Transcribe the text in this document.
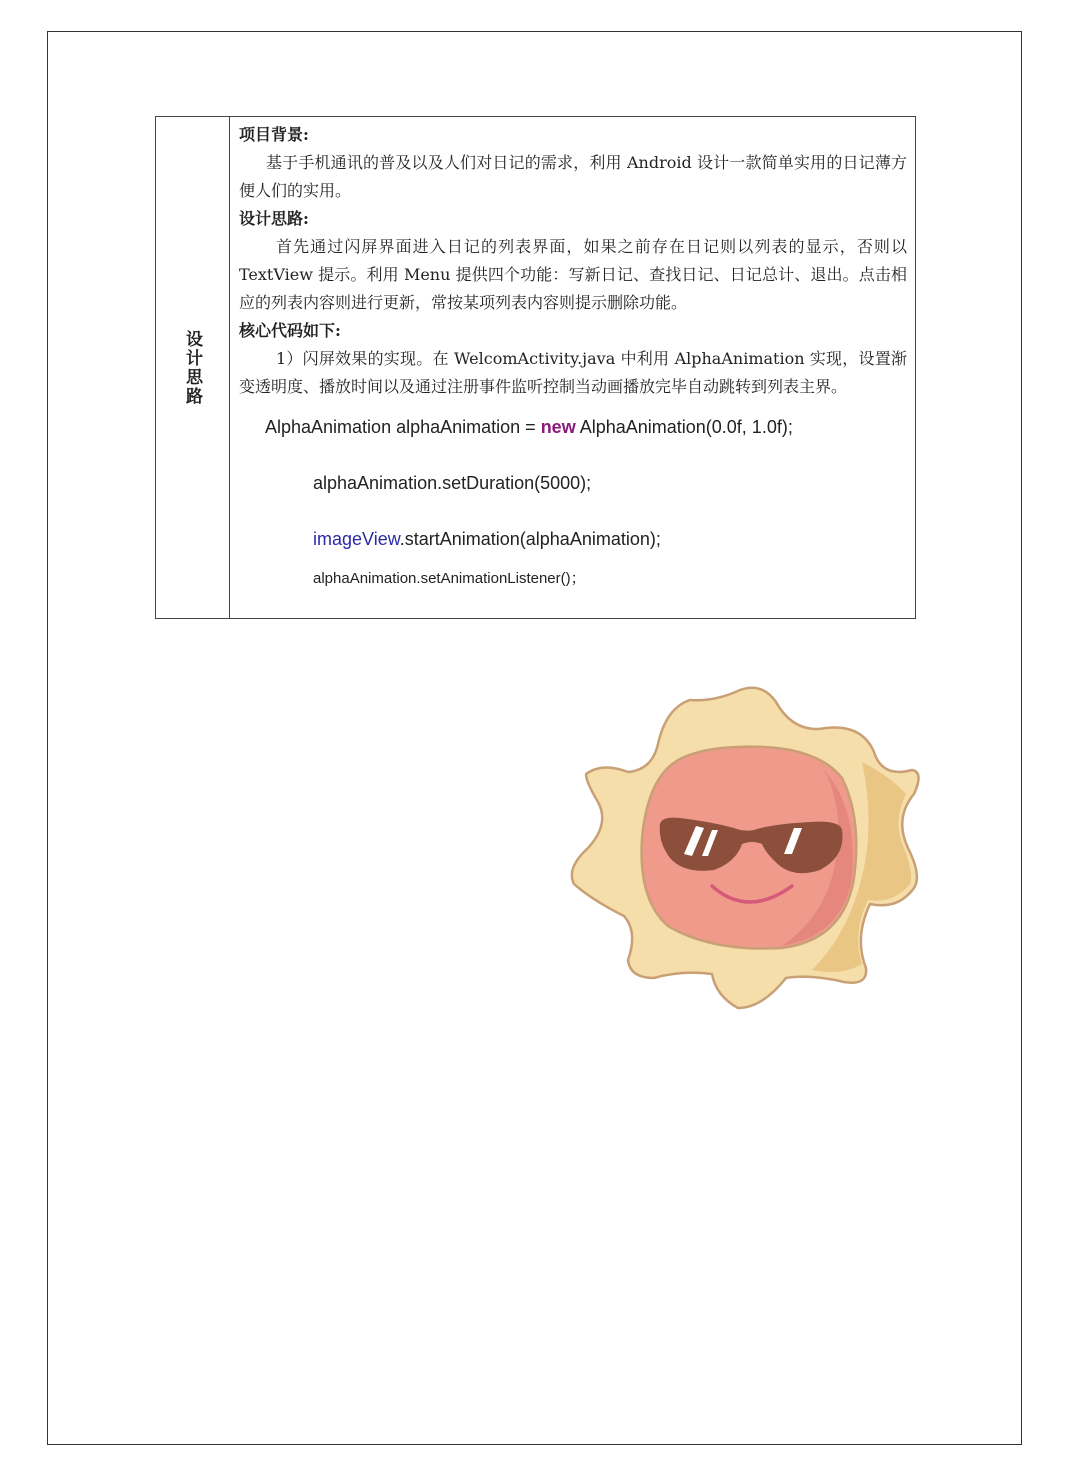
设计思路

项目背景:

基于手机通讯的普及以及人们对日记的需求，利用 Android 设计一款简单实用的日记薄方便人们的实用。

设计思路:

首先通过闪屏界面进入日记的列表界面，如果之前存在日记则以列表的显示，否则以 TextView 提示。利用 Menu 提供四个功能：写新日记、查找日记、日记总计、退出。点击相应的列表内容则进行更新，常按某项列表内容则提示删除功能。

核心代码如下:

1）闪屏效果的实现。在 WelcomActivity.java 中利用 AlphaAnimation 实现，设置渐变透明度、播放时间以及通过注册事件监听控制当动画播放完毕自动跳转到列表主界。

AlphaAnimation alphaAnimation = new AlphaAnimation(0.0f, 1.0f);

alphaAnimation.setDuration(5000);

imageView.startAnimation(alphaAnimation);

alphaAnimation.setAnimationListener()；
